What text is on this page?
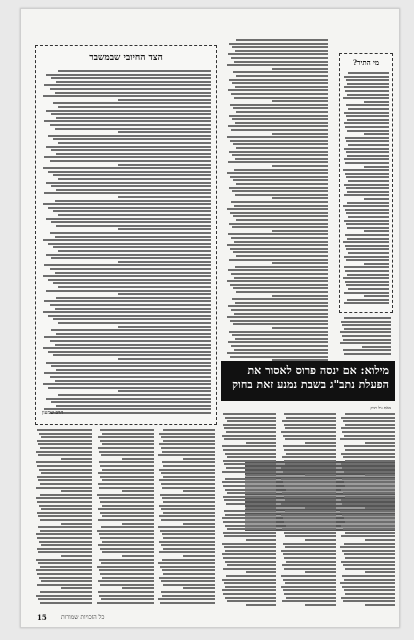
הצד החיובי שבמשבר
הרב שמעון
מי התיר?
מילוא: אם ינסה פרוס לאסור את הפעלת נתב"ג בשבת נמנע זאת בחוק
מאת גיל ויניק
15 כל הזכויות שמורות
